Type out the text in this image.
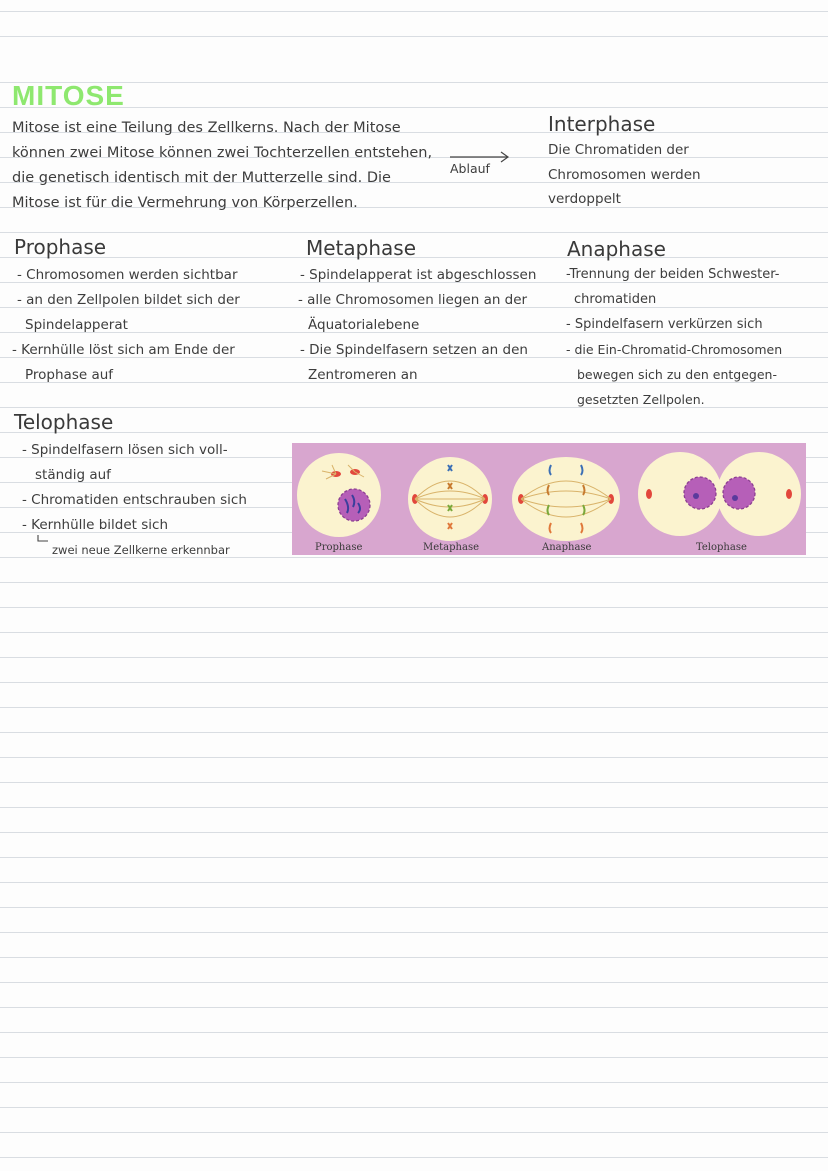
MITOSE
Mitose ist eine Teilung des Zellkerns. Nach der Mitose
können zwei Mitose können zwei Tochterzellen entstehen,
die genetisch identisch mit der Mutterzelle sind. Die
Mitose ist für die Vermehrung von Körperzellen.
Ablauf
Interphase
Die Chromatiden der
Chromosomen werden
verdoppelt
Prophase
- Chromosomen werden sichtbar
- an den Zellpolen bildet sich der
Spindelapperat
- Kernhülle löst sich am Ende der
Prophase auf
Metaphase
- Spindelapperat ist abgeschlossen
- alle Chromosomen liegen an der
Äquatorialebene
- Die Spindelfasern setzen an den
Zentromeren an
Anaphase
-Trennung der beiden Schwester-
chromatiden
- Spindelfasern verkürzen sich
- die Ein-Chromatid-Chromosomen
bewegen sich zu den entgegen-
gesetzten Zellpolen.
Telophase
- Spindelfasern lösen sich voll-
ständig auf
- Chromatiden entschrauben sich
- Kernhülle bildet sich
zwei neue Zellkerne erkennbar	Prophase	Metaphase	Anaphase	Telophase
